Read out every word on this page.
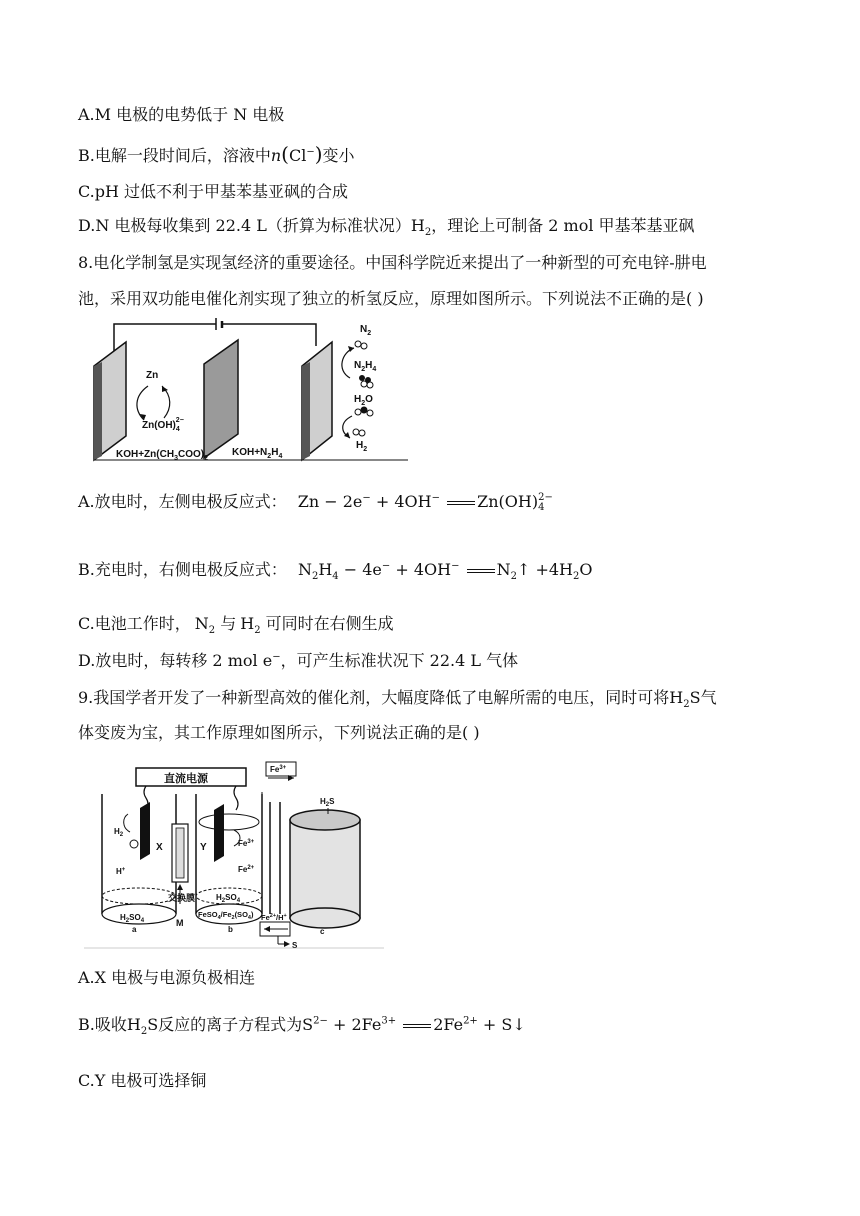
A.M 电极的电势低于 N 电极
B.电解一段时间后，溶液中n(Cl−)变小
C.pH 过低不利于甲基苯基亚砜的合成
D.N 电极每收集到 22.4 L（折算为标准状况）$H_2$，理论上可制备 2 mol 甲基苯基亚砜
8.电化学制氢是实现氢经济的重要途径。中国科学院近来提出了一种新型的可充电锌-肼电
池，采用双功能电催化剂实现了独立的析氢反应，原理如图所示。下列说法不正确的是( )
Zn
$Zn(OH)_42-$
$N_2$
$N_2H_4$
$H_2O$
$H_2$
$KOH+Zn(CH_3COO)_2$
$KOH+N_2H_4$
A.放电时，左侧电极反应式： Zn − 2e− + 4OH− Zn(OH) 2−
4
B.充电时，右侧电极反应式： $N_2H_4 - 4e^- + 4OH^-$ $N_2↑ +4H_2O$
C.电池工作时， $N_2$ 与 $H_2$ 可同时在右侧生成
D.放电时，每转移 2 mol e−，可产生标准状况下 22.4 L 气体
9.我国学者开发了一种新型高效的催化剂，大幅度降低了电解所需的电压，同时可将$H_2S$气
体变废为宝，其工作原理如图所示，下列说法正确的是( )
直流电源
$Fe^{3+}$
交换膜
M
$H_2$
X
H+
Y	$Fe^{3+}$
$Fe^{2+}$
$H_2SO_4$
$H_2SO_4$
$FeSO_4/Fe_2(SO_4)$
$H_2S$
$Fe^{2+}/H^+$
S
a	b	c
A.X 电极与电源负极相连
B.吸收$H_2S$反应的离子方程式为$S^{2-} + 2Fe^{3+}$ $2Fe^{2+}$ + S↓
C.Y 电极可选择铜
